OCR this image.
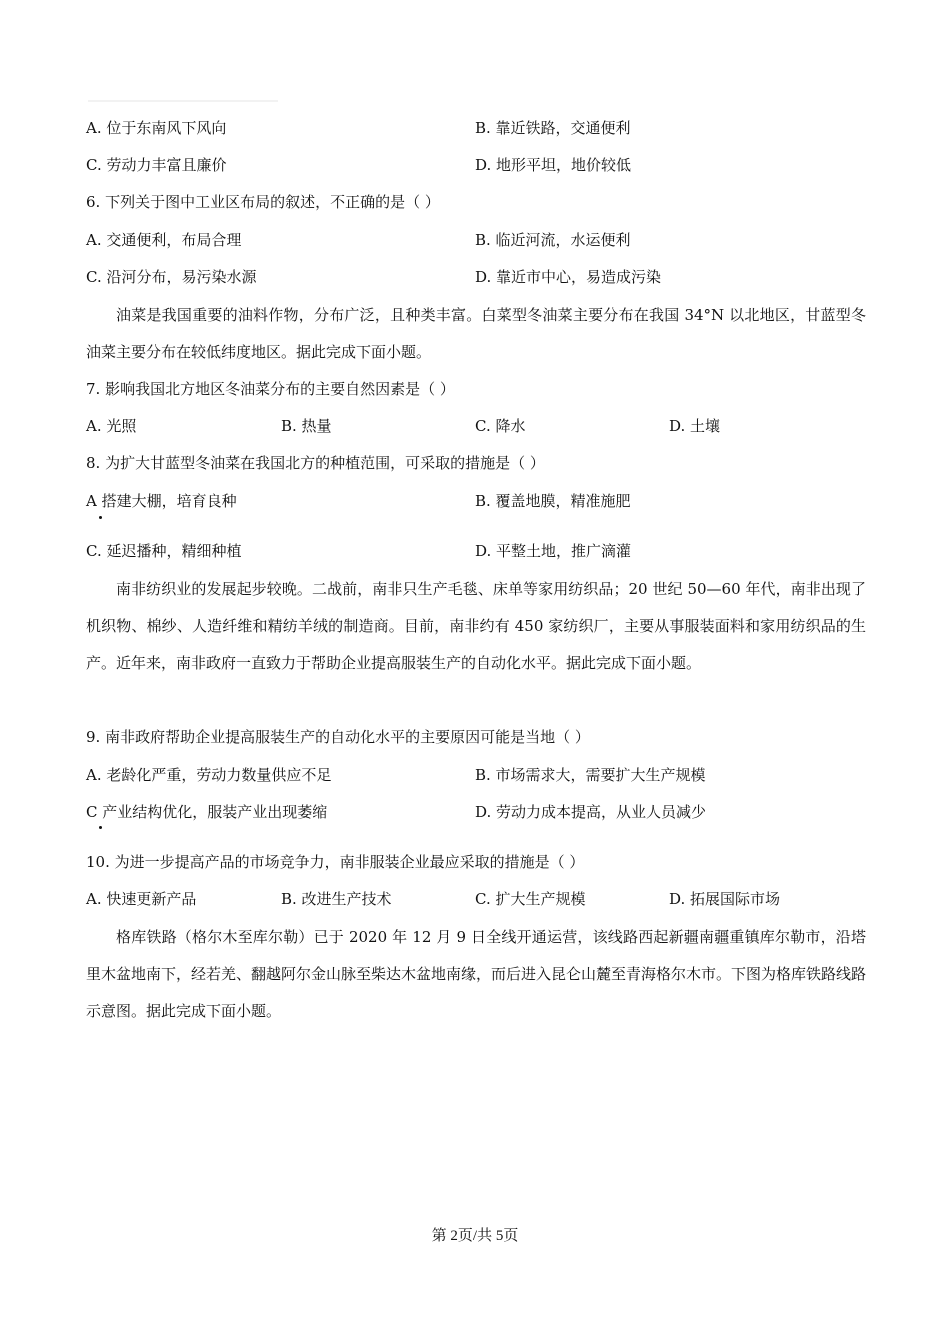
A. 位于东南风下风向	B. 靠近铁路，交通便利
C. 劳动力丰富且廉价	D. 地形平坦，地价较低
6. 下列关于图中工业区布局的叙述，不正确的是（ ）
A. 交通便利，布局合理	B. 临近河流，水运便利
C. 沿河分布，易污染水源	D. 靠近市中心，易造成污染
油菜是我国重要的油料作物，分布广泛，且种类丰富。白菜型冬油菜主要分布在我国 34°N 以北地区，甘蓝型冬油菜主要分布在较低纬度地区。据此完成下面小题。
7. 影响我国北方地区冬油菜分布的主要自然因素是（ ）
A. 光照	B. 热量	C. 降水	D. 土壤
8. 为扩大甘蓝型冬油菜在我国北方的种植范围，可采取的措施是（ ）
A 搭建大棚，培育良种	B. 覆盖地膜，精准施肥
C. 延迟播种，精细种植	D. 平整土地，推广滴灌
南非纺织业的发展起步较晚。二战前，南非只生产毛毯、床单等家用纺织品；20 世纪 50—60 年代，南非出现了机织物、棉纱、人造纤维和精纺羊绒的制造商。目前，南非约有 450 家纺织厂，主要从事服装面料和家用纺织品的生产。近年来，南非政府一直致力于帮助企业提高服装生产的自动化水平。据此完成下面小题。
9. 南非政府帮助企业提高服装生产的自动化水平的主要原因可能是当地（ ）
A. 老龄化严重，劳动力数量供应不足	B. 市场需求大，需要扩大生产规模
C 产业结构优化，服装产业出现萎缩	D. 劳动力成本提高，从业人员减少
10. 为进一步提高产品的市场竞争力，南非服装企业最应采取的措施是（ ）
A. 快速更新产品	B. 改进生产技术	C. 扩大生产规模	D. 拓展国际市场
格库铁路（格尔木至库尔勒）已于 2020 年 12 月 9 日全线开通运营，该线路西起新疆南疆重镇库尔勒市，沿塔里木盆地南下，经若羌、翻越阿尔金山脉至柴达木盆地南缘，而后进入昆仑山麓至青海格尔木市。下图为格库铁路线路示意图。据此完成下面小题。
第 2页/共 5页
